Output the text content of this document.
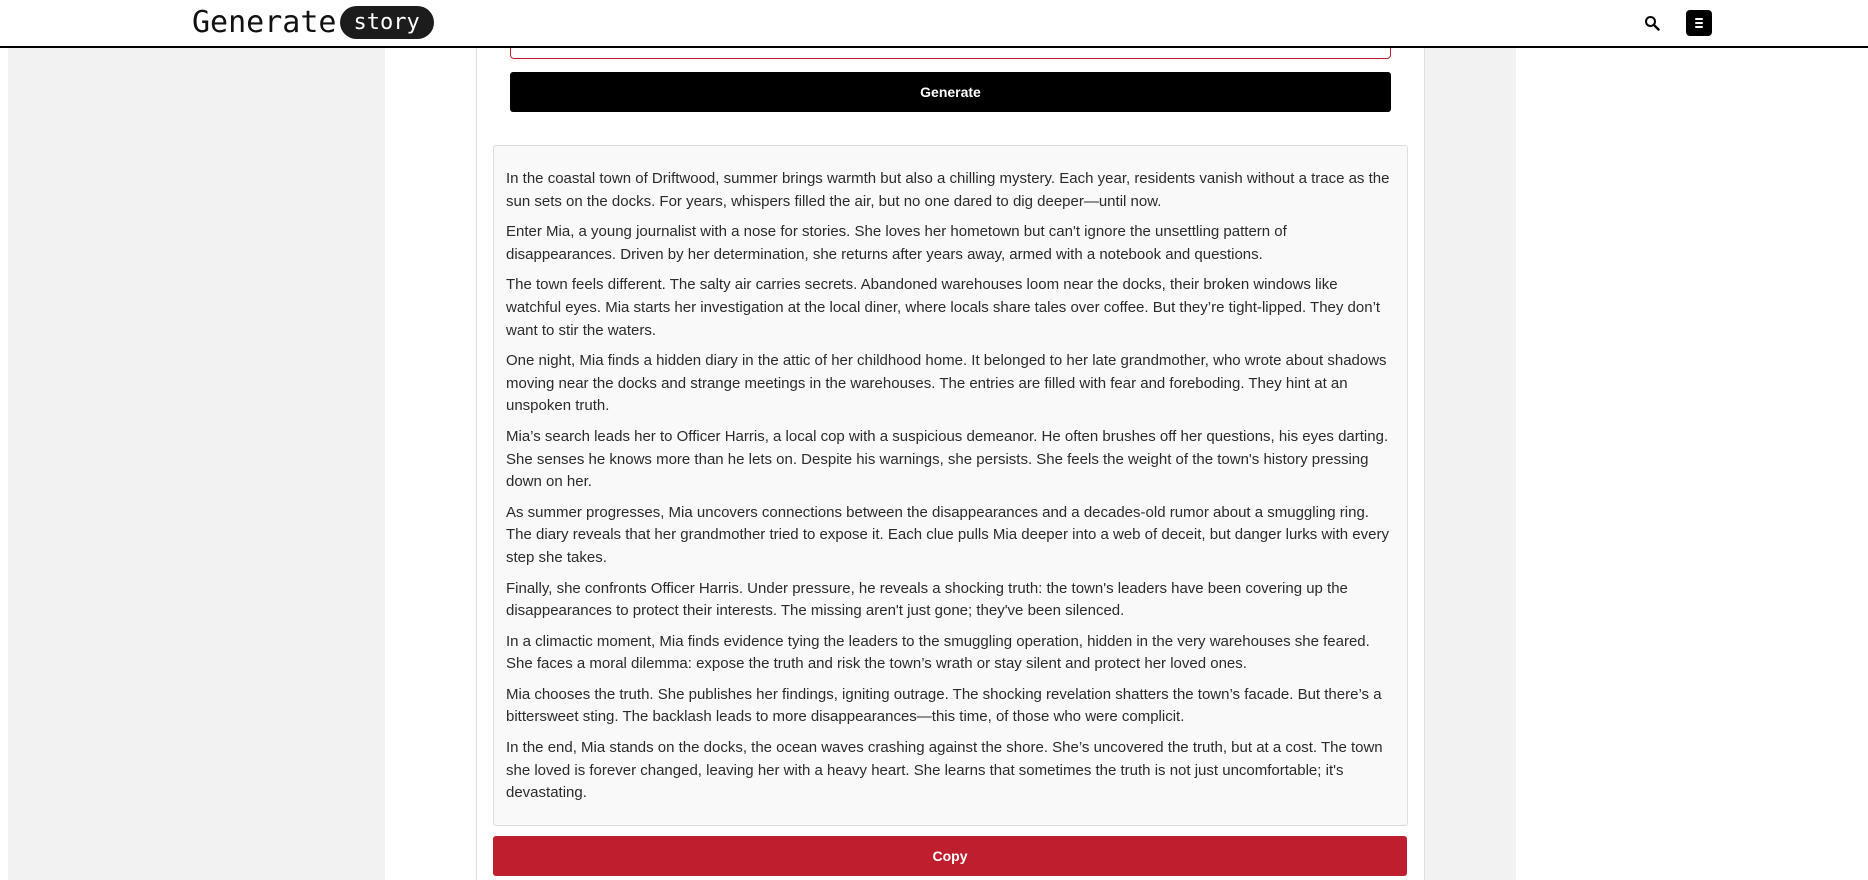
Generate story
Generate

In the coastal town of Driftwood, summer brings warmth but also a chilling mystery. Each year, residents vanish without a trace as the sun sets on the docks. For years, whispers filled the air, but no one dared to dig deeper—until now.

Enter Mia, a young journalist with a nose for stories. She loves her hometown but can't ignore the unsettling pattern of disappearances. Driven by her determination, she returns after years away, armed with a notebook and questions.

The town feels different. The salty air carries secrets. Abandoned warehouses loom near the docks, their broken windows like watchful eyes. Mia starts her investigation at the local diner, where locals share tales over coffee. But they’re tight-lipped. They don’t want to stir the waters.

One night, Mia finds a hidden diary in the attic of her childhood home. It belonged to her late grandmother, who wrote about shadows moving near the docks and strange meetings in the warehouses. The entries are filled with fear and foreboding. They hint at an unspoken truth.

Mia’s search leads her to Officer Harris, a local cop with a suspicious demeanor. He often brushes off her questions, his eyes darting. She senses he knows more than he lets on. Despite his warnings, she persists. She feels the weight of the town's history pressing down on her.

As summer progresses, Mia uncovers connections between the disappearances and a decades-old rumor about a smuggling ring. The diary reveals that her grandmother tried to expose it. Each clue pulls Mia deeper into a web of deceit, but danger lurks with every step she takes.

Finally, she confronts Officer Harris. Under pressure, he reveals a shocking truth: the town's leaders have been covering up the disappearances to protect their interests. The missing aren't just gone; they've been silenced.

In a climactic moment, Mia finds evidence tying the leaders to the smuggling operation, hidden in the very warehouses she feared. She faces a moral dilemma: expose the truth and risk the town’s wrath or stay silent and protect her loved ones.

Mia chooses the truth. She publishes her findings, igniting outrage. The shocking revelation shatters the town’s facade. But there’s a bittersweet sting. The backlash leads to more disappearances—this time, of those who were complicit.

In the end, Mia stands on the docks, the ocean waves crashing against the shore. She’s uncovered the truth, but at a cost. The town she loved is forever changed, leaving her with a heavy heart. She learns that sometimes the truth is not just uncomfortable; it's devastating.

Copy
